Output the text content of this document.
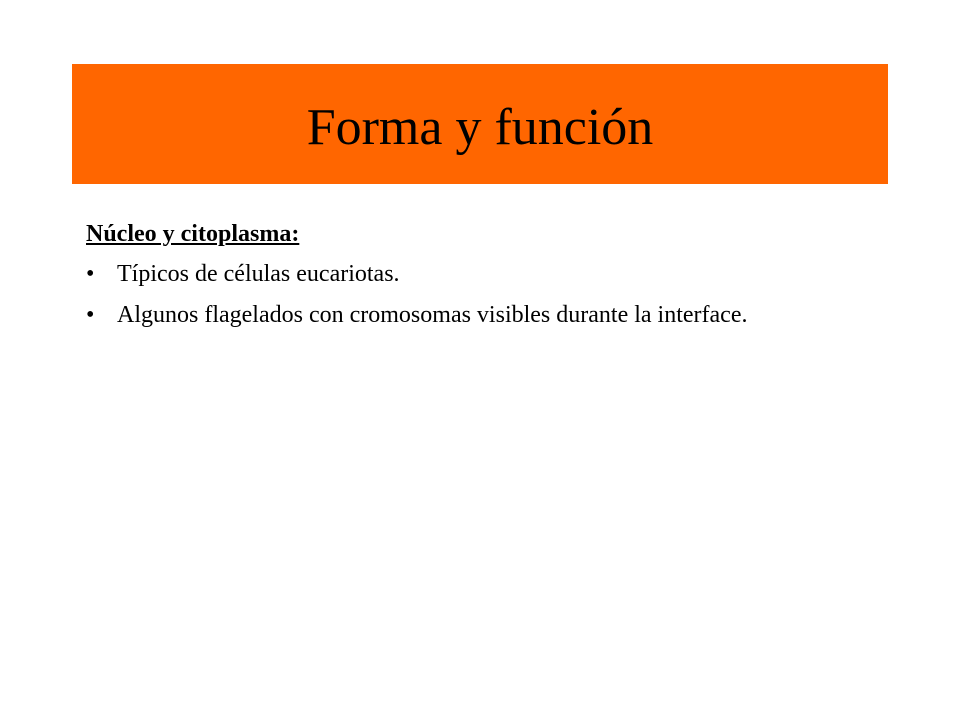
Forma y función
Núcleo y citoplasma:
• Típicos de células eucariotas.
• Algunos flagelados con cromosomas visibles durante la interface.
